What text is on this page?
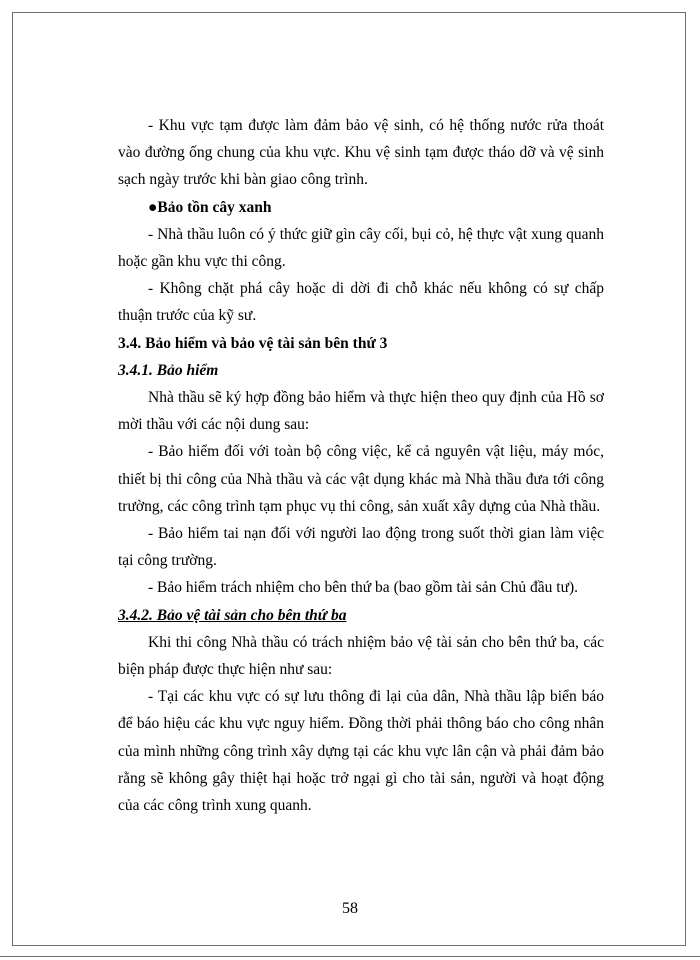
- Khu vực tạm được làm đảm bảo vệ sinh, có hệ thống nước rửa thoát vào đường ống chung của khu vực. Khu vệ sinh tạm được tháo dỡ và vệ sinh sạch ngày trước khi bàn giao công trình.

●Bảo tồn cây xanh

- Nhà thầu luôn có ý thức giữ gìn cây cối, bụi cỏ, hệ thực vật xung quanh hoặc gần khu vực thi công.

- Không chặt phá cây hoặc di dời đi chỗ khác nếu không có sự chấp thuận trước của kỹ sư.

3.4. Bảo hiểm và bảo vệ tài sản bên thứ 3

3.4.1. Bảo hiểm

Nhà thầu sẽ ký hợp đồng bảo hiểm và thực hiện theo quy định của Hồ sơ mời thầu với các nội dung sau:

- Bảo hiểm đối với toàn bộ công việc, kể cả nguyên vật liệu, máy móc, thiết bị thi công của Nhà thầu và các vật dụng khác mà Nhà thầu đưa tới công trường, các công trình tạm phục vụ thi công, sản xuất xây dựng của Nhà thầu.

- Bảo hiểm tai nạn đối với người lao động trong suốt thời gian làm việc tại công trường.

- Bảo hiểm trách nhiệm cho bên thứ ba (bao gồm tài sản Chủ đầu tư).

3.4.2. Bảo vệ tài sản cho bên thứ ba

Khi thi công Nhà thầu có trách nhiệm bảo vệ tài sản cho bên thứ ba, các biện pháp được thực hiện như sau:

- Tại các khu vực có sự lưu thông đi lại của dân, Nhà thầu lập biển báo để báo hiệu các khu vực nguy hiểm. Đồng thời phải thông báo cho công nhân của mình những công trình xây dựng tại các khu vực lân cận và phải đảm bảo rằng sẽ không gây thiệt hại hoặc trở ngại gì cho tài sản, người và hoạt động của các công trình xung quanh.

58
